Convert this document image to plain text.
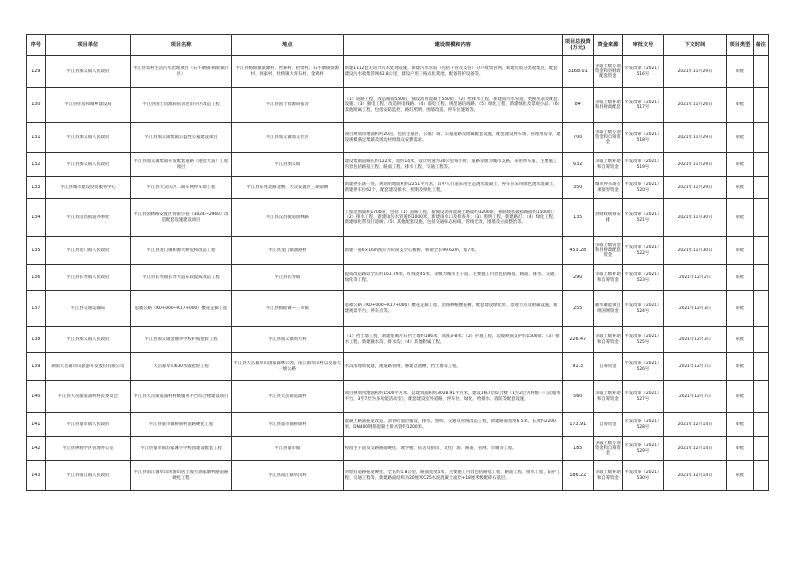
序号	项目单位	项目名称	地点	建设规模和内容	项目总投资(万元)	资金来源	审批文号	下文时间	项目类型	备注

129	平江县加义镇人民政府	平江县农村生活污水治理项目（石牛塘镇-梅仙镇片区）	平江县梅仙镇梁源村、哲寮村、招贤村；石牛塘镇梁源村、何家村、杜桥镇大青石村、金鸡村	新建1112套无动力污水处理设施，新建污水管道（包括干管及支管）分户收集管网，新建垃圾分类收集点，配套建设污水收集管网42.8公里，建设户用三格式化粪池，配备管护设备等。	3168.01	争取上级专项资金和县财政配套资金	平发改审（2021）516号	2021年11月29日	审批	

130	平江县住房和城乡建设局	平江县国土资源局宿舍老旧小区改造工程	平江县国土资源局宿舍	（1）道路工程，改造路面550㎡，铺设沥青混凝土550㎡；（2）给排水工程，新建雨污水管道，更换水表及配套设施；（3）强电工程，改造供电线路；（4）弱电工程，规范通信线路；（5）绿化工程，新建绿化及景观小品；（6）其他附属工程，包括安防监控、路灯照明、围墙改造、停车位施划等。	84	争取上级补助和县财政配套	平发改审（2021）517号	2021年11月26日	审批	

131	平江县加义镇人民政府	平江县加义镇集镇公益性公墓建设项目	平江县加义镇加义社区	项目规划用地面积约20亩，包括主墓区、公墓广场、公墓道路及附属配套设施，配套建设停车场、管理用房等，建设规模满足集镇及周边村组群众安葬需求。	700	争取上级专项资金和自筹资金	平发改审（2021）518号	2021年11月29日	审批	

132	平江县加义镇人民政府	平江县加义镇集镇开发配套道路（港沿大道）工程项目	平江县加义镇	建设集镇道路长约122米，宽约14米，设计时速为30公里每小时，道路等级为城市支路，采用单车道，主要施工内容包括路基工程、路面工程、排水工程、交通工程等。	632	争取上级补助和自筹资金	平发改审（2021）519号	2021年11月29日	审批	

133	平江县城市建设投资服务中心	平江县大众庆区二期车网停车场工程	平江县东兆北路北侧、大众安置区三期南侧	新建停车场一处，规划用地面积约2251平方米，其中人行道采用生态透水混凝土，停车位采用绿色透水混凝土，新建停车位62个，配套建设排水、照明及绿化工程。	350	城市停车场专项债券资金	平发改审（2021）520号	2021年11月29日	审批	

134	平江县汉昌街道办事处	平江县园林路安置区背街小巷（3024—2960）改造配套设施建设项目	平江县汉昌街道园林路	工程范围面积1700㎡，包括（1）道路工程，新铺设沥青混凝土路面约3200㎡，拆除现状破损路面约1500㎡；（2）排水工程，新建雨污水管道约1000米，新建雨水口及检查井；（3）照明工程，新建路灯；（4）绿化工程，新建绿化带及行道树；（5）其他配套设施，包括交通标志标线、管线迁改、围墙及立面整治等。	135	县财政统筹安排	平发改审（2021）521号	2021年11月30日	审批	

135	平江县龙门镇人民政府	平江县龙门镇和源大桥危桥改造工程	平江县龙门镇油港村	新建一座6×16m预应力砼简支空心板桥，桥梁全长99.62m，宽7米。	453.28	争取上级资金和县财政配套资金	平发改审（2021）522号	2021年11月30日	审批	

136	平江县长寿镇人民政府	平江县长寿镇长寿大道东段提质改造工程	平江县长寿镇	提质改造路段全长约161.79米，红线宽45米，等级为城市主干道，主要施工内容包括路基、路面、排水、交通、绿化等工程。	290	争取上级补助和自筹资金	平发改审（2021）523号	2021年12月2日	审批	

137	平江县交通运输局	思福公路（K0+000~K17+000）樱花走廊工程	平江县梅仙镇—三市镇	思福公路（K0+000~K17+000）樱花走廊工程，沿线种植樱花树，配套建设绿化带、景观节点及附属设施，新建观景平台、停车点等。	255	抽水蓄能项目组国网资金	平发改审（2021）524号	2021年12月3日	审批	

138	平江县加义镇人民政府	平江县加义镇金丽华学校护坡抢险工程	平江县加义镇周方村	（1）挡土墙工程，新建浆砌片石挡土墙约186米，高度3-8米；（2）护坡工程，边坡喷锚支护约1500㎡；（3）排水工程，新建截水沟、排水沟；（4）其他附属工程。	226.47	争取上级补助和自筹资金	平发改审（2021）525号	2021年12月3日	审批	

139	湖南天岳幕阜山旅游开发股份有限公司	天岳幕阜山630水毁抢险工程	平江县天岳幕阜山国家森林公园，南江镇阜山村以及南大一级公路	水沟清理和复建，理道路管网，修建急流槽、挡土墙等工程。	91.3	自筹资金	平发改审（2021）526号	2021年12月7日	审批	

140	平江县天岳街道浦村村民委员会	平江县天岳街道浦村村级服务平台综合楼建设项目	平江县天岳街道浦村	项目规划用地面积约1500平方米，总建筑面积约3028.91平方米，建设1栋7层综合楼（1至2层为村级一门式服务平台，3至7层为多功能活动室），配套建设室外道路、停车位、绿化、给排水、消防等配套设施。	560	争取上级补助和自筹资金	平发改审（2021）527号	2021年12月7日	审批	

141	平江县童市镇人民政府	平江县童市镇桥锦村道路硬化工程	平江县童市镇桥锦村	混凝土路面拓宽改造，沥青砼面层铺设，排水、照明、交通及管线改造工程，新建路面宽度6.5米，长度约2200米，DN400钢筋混凝土排水管约1200米。	173.91	自筹资金	平发改审（2021）528号	2021年12月14日	审批	

142	平江县钟洞学区管理办公室	平江县童市镇苏家滩小学校园建设配套工程	平江县童市镇	校园主干道及支路路面硬化、教学楼、宿舍及厨房、文化广场、路道、管网、旱厕等工程。	185	争取上级专项资金和自筹资金	平发改审（2021）529号	2021年12月14日	审批	

143	平江县南江镇人民政府	平江县南江镇阜山风情山居上坡至油家塘村路道路硬化工程	平江县南江镇阜山村	对原有道路拓宽硬化，全长约1.8公里，路面宽度5米，主要施工内容包括路基工程、路面工程、排水工程、防护工程、交通工程等，新建路面结构为20厘米C25水泥混凝土面层+18厘米级配碎石基层。	186.22	争取上级补助和自筹资金	平发改审（2021）530号	2021年12月14日	审批	
